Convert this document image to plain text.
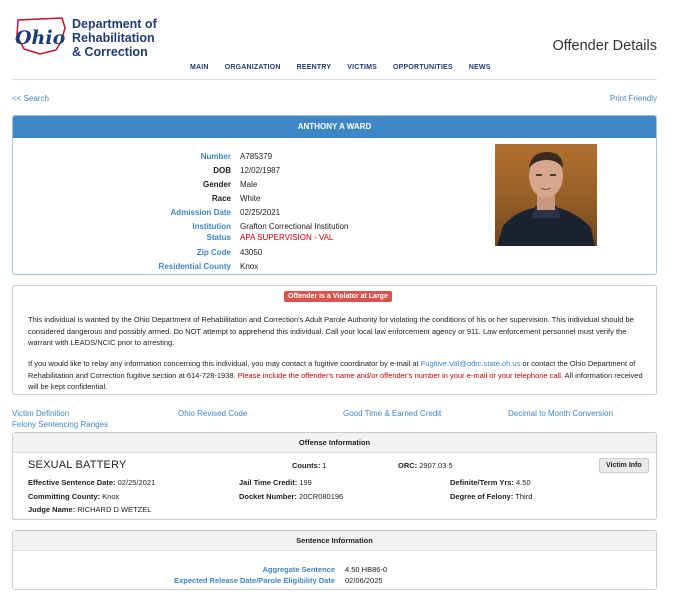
Ohio
Department of
Rehabilitation
& Correction	Offender Details
MAIN ORGANIZATION REENTRY VICTIMS OPPORTUNITIES NEWS
<< Search	Print Friendly
ANTHONY A WARD
Number A785379
DOB 12/02/1987
Gender Male
Race White
Admission Date 02/25/2021
Institution Grafton Correctional Institution
Status APA SUPERVISION - VAL
Zip Code 43050
Residential County Knox
Offender is a Violator at Large

This individual is wanted by the Ohio Department of Rehabilitation and Correction's Adult Parole Authority for violating the conditions of his or her supervision. This individual should be considered dangerous and possibly armed. Do NOT attempt to apprehend this individual. Call your local law enforcement agency or 911. Law enforcement personnel must verify the warrant with LEADS/NCIC prior to arresting.

If you would like to relay any information concerning this individual, you may contact a fugitive coordinator by e-mail at Fugitive.Val@odrc.state.oh.us or contact the Ohio Department of Rehabilitation and Correction fugitive section at 614-728-1938. Please include the offender's name and/or offender's number in your e-mail or your telephone call. All information received will be kept confidential.

Victim Definition	Ohio Revised Code	Good Time & Earned Credit	Decimal to Month Conversion
Felony Sentencing Ranges
Offense Information
SEXUAL BATTERY	Counts: 1	ORC: 2907.03 5	Victim Info
Effective Sentence Date: 02/25/2021	Jail Time Credit: 199	Definite/Term Yrs: 4.50
Committing County: Knox	Docket Number: 20CR080196	Degree of Felony: Third
Judge Name: RICHARD D WETZEL
Sentence Information
Aggregate Sentence 4.50 HB86-0
Expected Release Date/Parole Eligibility Date 02/06/2025
